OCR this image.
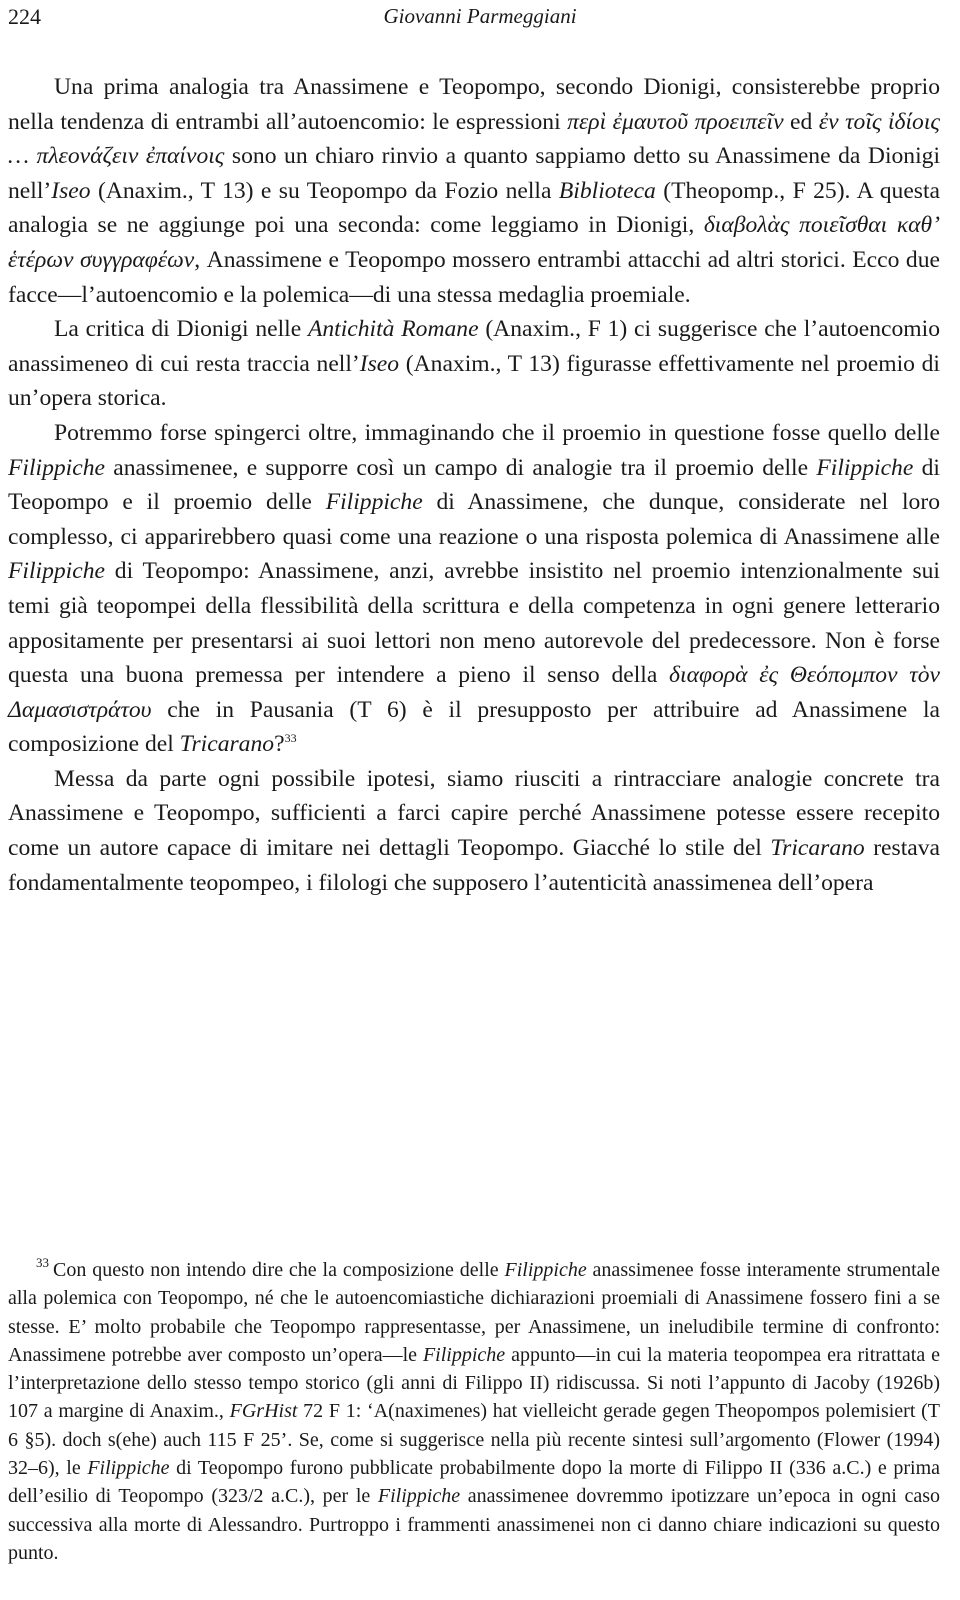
224	Giovanni Parmeggiani

Una prima analogia tra Anassimene e Teopompo, secondo Dionigi, consisterebbe proprio nella tendenza di entrambi all’autoencomio: le espressioni περὶ ἐμαυτοῦ προειπεῖν ed ἐν τοῖς ἰδίοις … πλεονάζειν ἐπαίνοις sono un chiaro rinvio a quanto sappiamo detto su Anassimene da Dionigi nell’Iseo (Anaxim., T 13) e su Teopompo da Fozio nella Biblioteca (Theopomp., F 25). A questa analogia se ne aggiunge poi una seconda: come leggiamo in Dionigi, διαβολὰς ποιεῖσθαι καθ’ ἑτέρων συγγραφέων, Anassimene e Teopompo mossero entrambi attacchi ad altri storici. Ecco due facce—l’autoencomio e la polemica—di una stessa medaglia proemiale.

La critica di Dionigi nelle Antichità Romane (Anaxim., F 1) ci suggerisce che l’autoencomio anassimeneo di cui resta traccia nell’Iseo (Anaxim., T 13) figurasse effettivamente nel proemio di un’opera storica.

Potremmo forse spingerci oltre, immaginando che il proemio in questione fosse quello delle Filippiche anassimenee, e supporre così un campo di analogie tra il proemio delle Filippiche di Teopompo e il proemio delle Filippiche di Anassimene, che dunque, considerate nel loro complesso, ci apparirebbero quasi come una reazione o una risposta polemica di Anassimene alle Filippiche di Teopompo: Anassimene, anzi, avrebbe insistito nel proemio intenzionalmente sui temi già teopompei della flessibilità della scrittura e della competenza in ogni genere letterario appositamente per presentarsi ai suoi lettori non meno autorevole del predecessore. Non è forse questa una buona premessa per intendere a pieno il senso della διαφορὰ ἐς Θεόπομπον τὸν Δαμασιστράτου che in Pausania (T 6) è il presupposto per attribuire ad Anassimene la composizione del Tricarano?$^{33}$

Messa da parte ogni possibile ipotesi, siamo riusciti a rintracciare analogie concrete tra Anassimene e Teopompo, sufficienti a farci capire perché Anassimene potesse essere recepito come un autore capace di imitare nei dettagli Teopompo. Giacché lo stile del Tricarano restava fondamentalmente teopompeo, i filologi che supposero l’autenticità anassimenea dell’opera

$^{33}$ Con questo non intendo dire che la composizione delle Filippiche anassimenee fosse interamente strumentale alla polemica con Teopompo, né che le autoencomiastiche dichiarazioni proemiali di Anassimene fossero fini a se stesse. E’ molto probabile che Teopompo rappresentasse, per Anassimene, un ineludibile termine di confronto: Anassimene potrebbe aver composto un’opera—le Filippiche appunto—in cui la materia teopompea era ritrattata e l’interpretazione dello stesso tempo storico (gli anni di Filippo II) ridiscussa. Si noti l’appunto di Jacoby (1926b) 107 a margine di Anaxim., FGrHist 72 F 1: ‘A(naximenes) hat vielleicht gerade gegen Theopompos polemisiert (T 6 §5). doch s(ehe) auch 115 F 25’. Se, come si suggerisce nella più recente sintesi sull’argomento (Flower (1994) 32–6), le Filippiche di Teopompo furono pubblicate probabilmente dopo la morte di Filippo II (336 a.C.) e prima dell’esilio di Teopompo (323/2 a.C.), per le Filippiche anassimenee dovremmo ipotizzare un’epoca in ogni caso successiva alla morte di Alessandro. Purtroppo i frammenti anassimenei non ci danno chiare indicazioni su questo punto.
